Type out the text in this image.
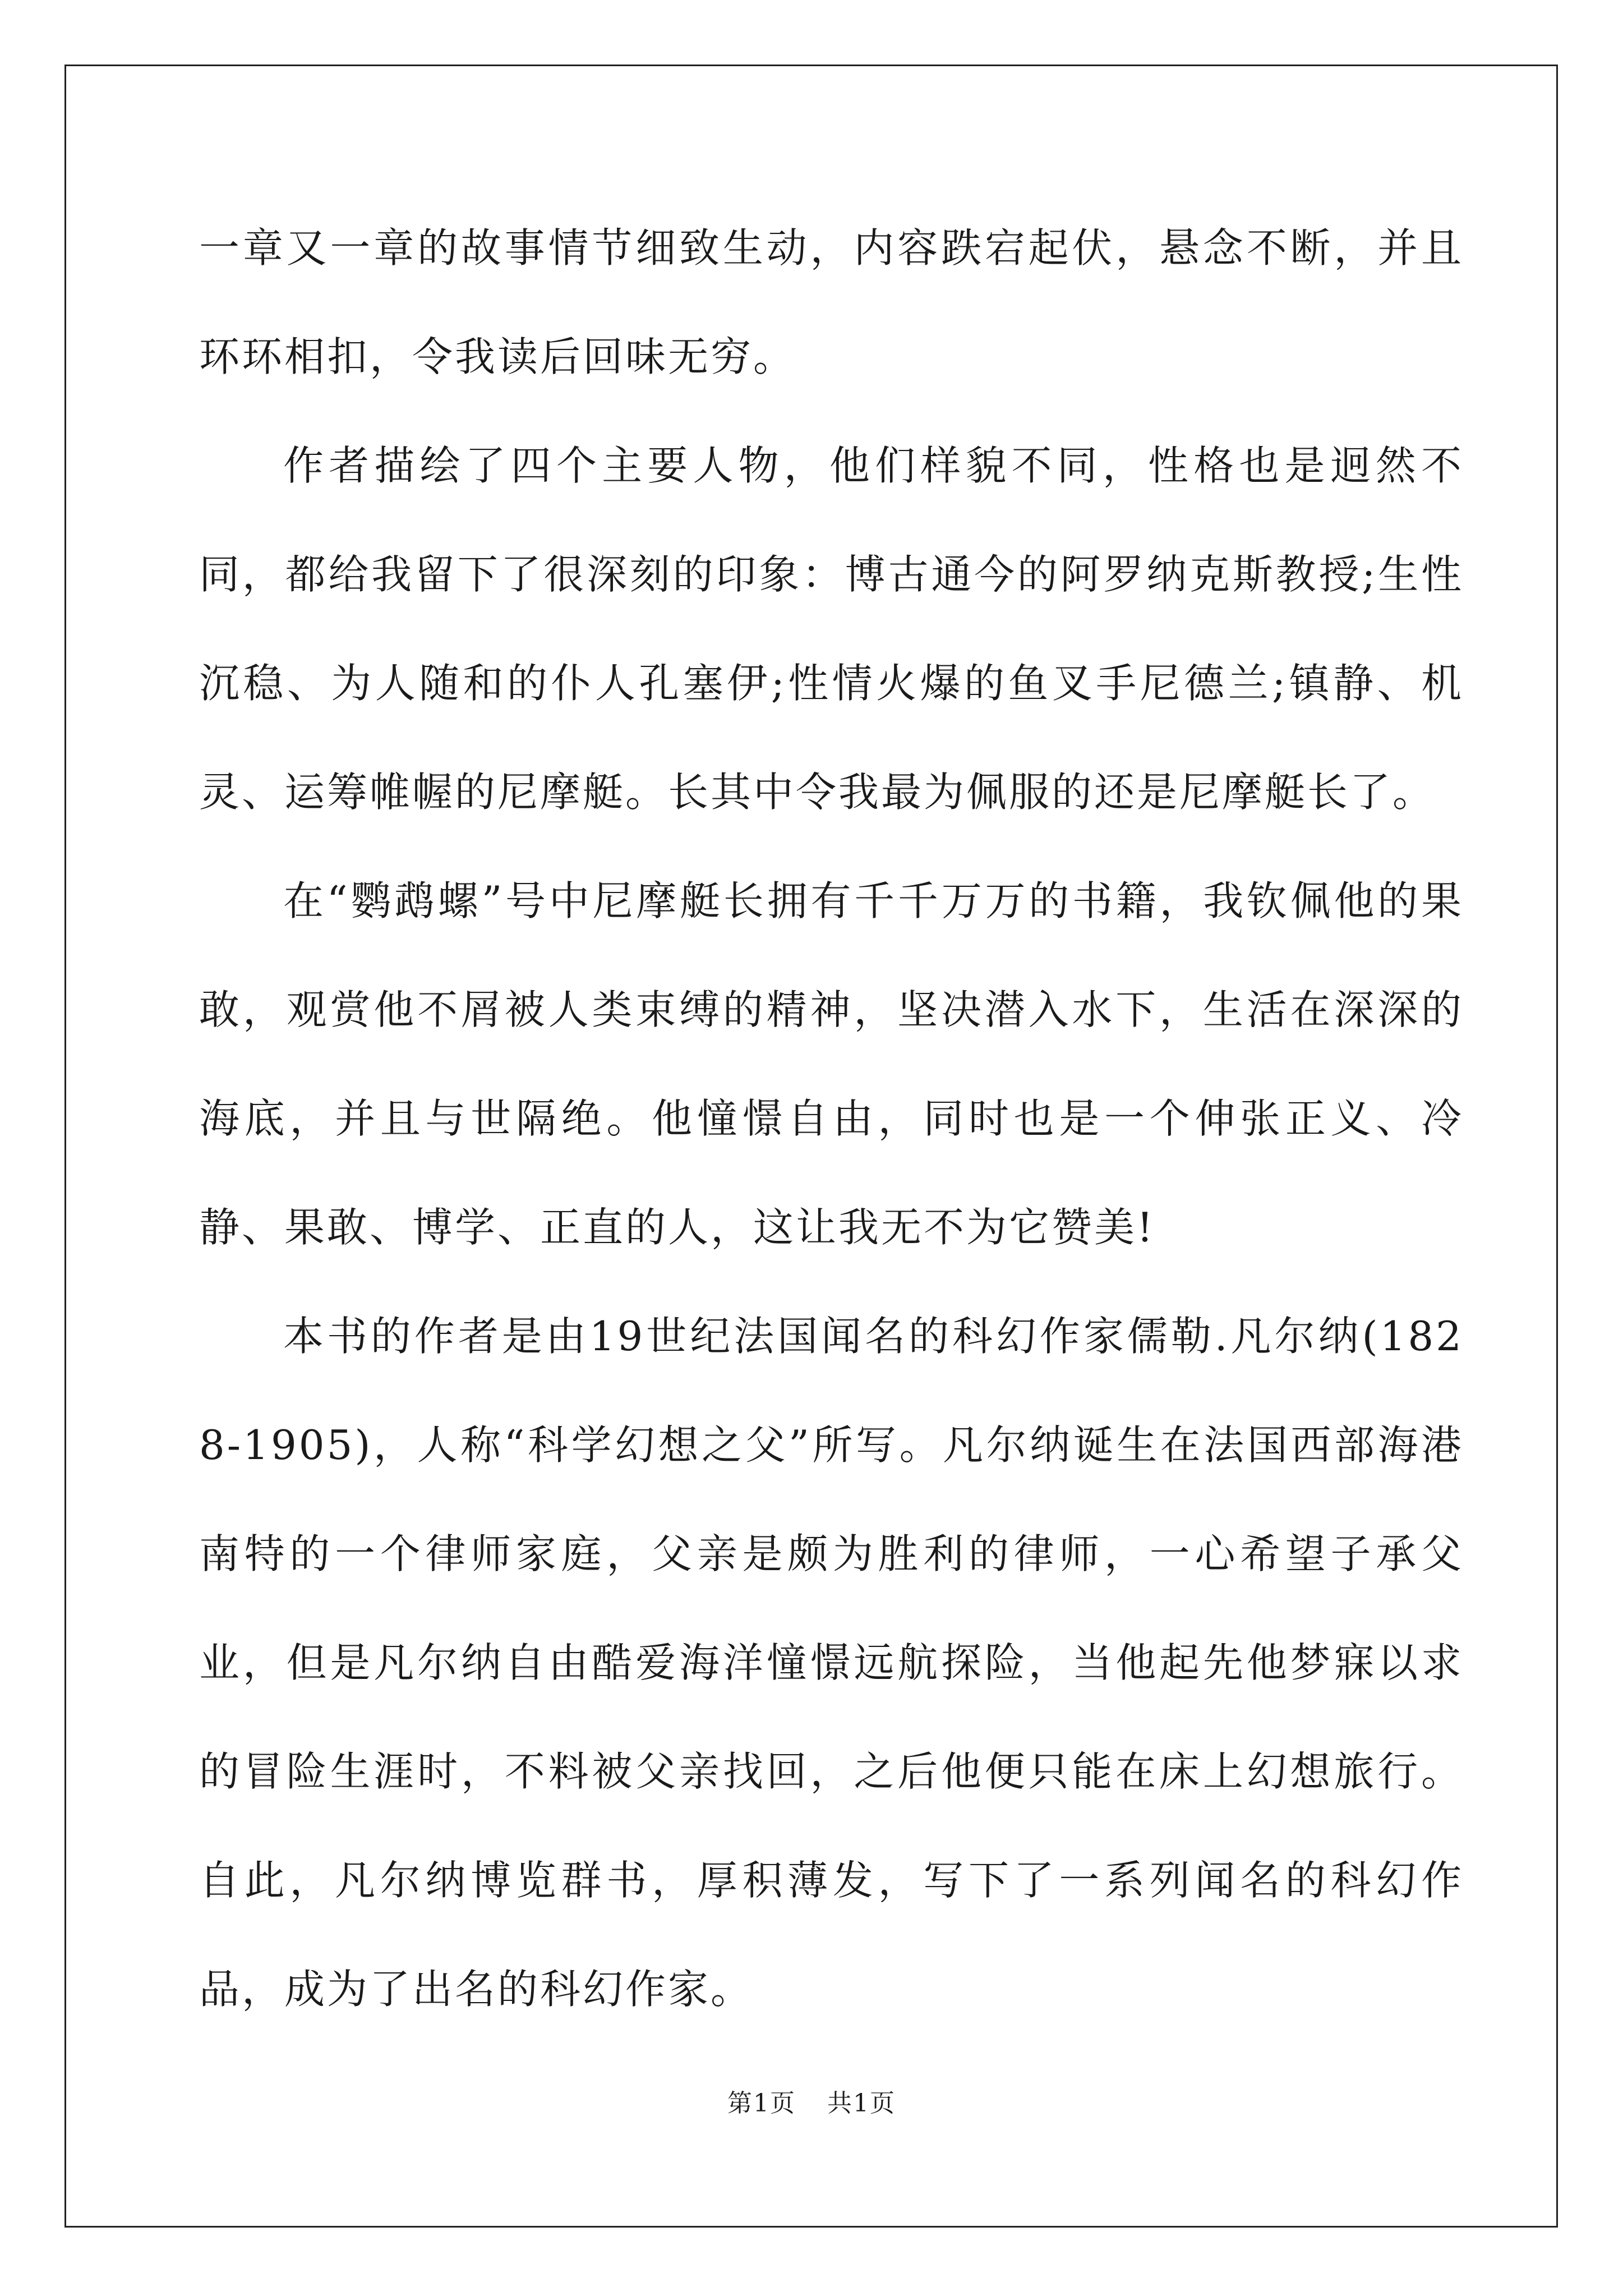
一章又一章的故事情节细致生动，内容跌宕起伏，悬念不断，并且环环相扣，令我读后回味无穷。

作者描绘了四个主要人物，他们样貌不同，性格也是迥然不同，都给我留下了很深刻的印象：博古通今的阿罗纳克斯教授;生性沉稳、为人随和的仆人孔塞伊;性情火爆的鱼叉手尼德兰;镇静、机灵、运筹帷幄的尼摩艇。长其中令我最为佩服的还是尼摩艇长了。

在“鹦鹉螺”号中尼摩艇长拥有千千万万的书籍，我钦佩他的果敢，观赏他不屑被人类束缚的精神，坚决潜入水下，生活在深深的海底，并且与世隔绝。他憧憬自由，同时也是一个伸张正义、冷静、果敢、博学、正直的人，这让我无不为它赞美!

本书的作者是由19世纪法国闻名的科幻作家儒勒.凡尔纳(1828-1905)，人称“科学幻想之父”所写。凡尔纳诞生在法国西部海港南特的一个律师家庭，父亲是颇为胜利的律师，一心希望子承父业，但是凡尔纳自由酷爱海洋憧憬远航探险，当他起先他梦寐以求的冒险生涯时，不料被父亲找回，之后他便只能在床上幻想旅行。自此，凡尔纳博览群书，厚积薄发，写下了一系列闻名的科幻作品，成为了出名的科幻作家。

第1页 共1页
